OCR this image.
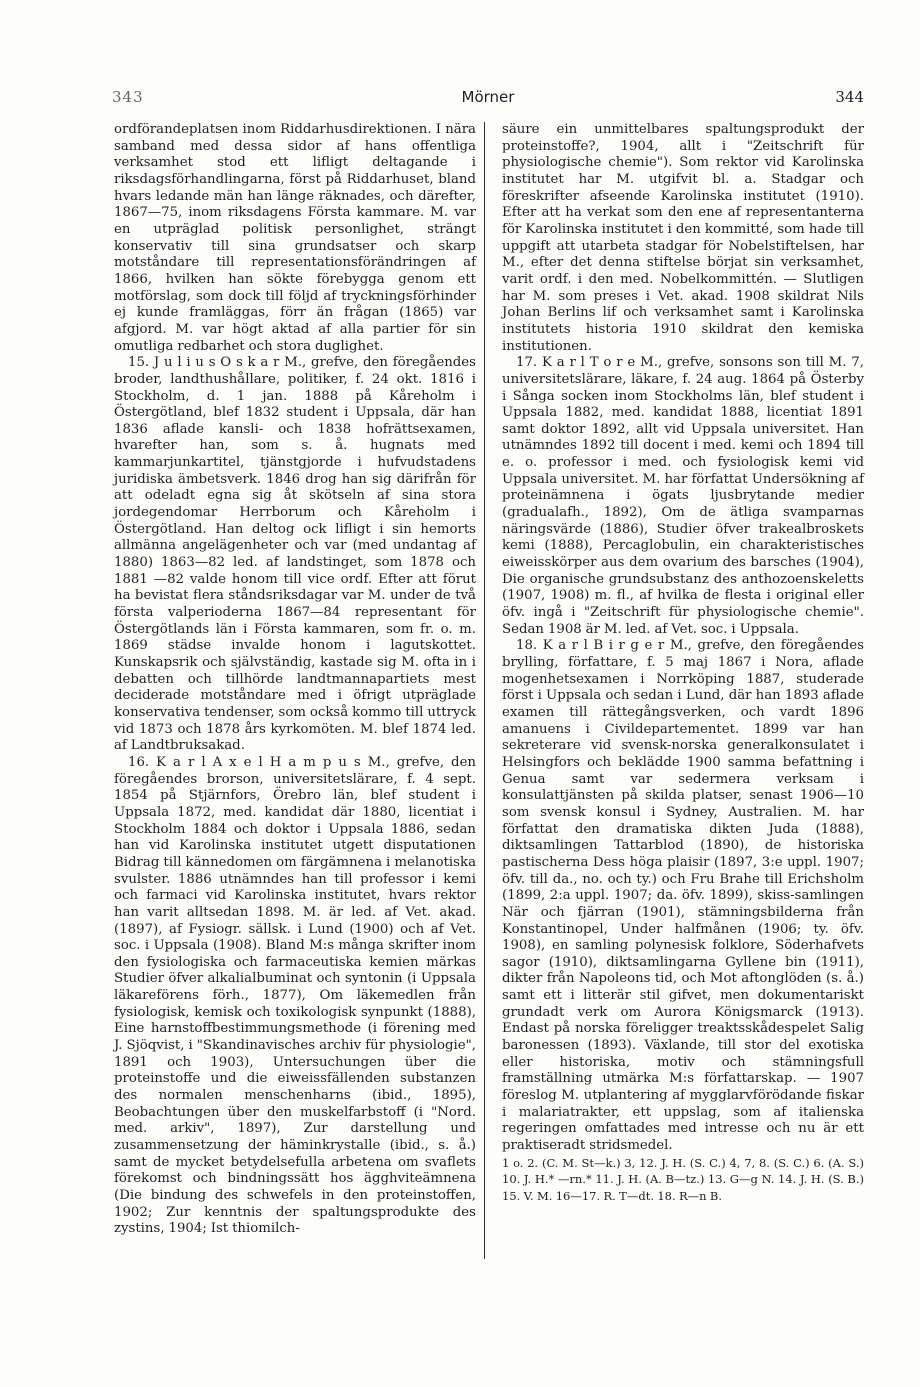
343	Mörner	344

ordförandeplatsen inom Riddarhusdirektionen. I nära samband med dessa sidor af hans offentliga verksamhet stod ett lifligt deltagande i riksdagsförhandlingarna, först på Riddarhuset, bland hvars ledande män han länge räknades, och därefter, 1867—75, inom riksdagens Första kammare. M. var en utpräglad politisk personlighet, strängt konservativ till sina grundsatser och skarp motståndare till representationsförändringen af 1866, hvilken han sökte förebygga genom ett motförslag, som dock till följd af tryckningsförhinder ej kunde framläggas, förr än frågan (1865) var afgjord. M. var högt aktad af alla partier för sin omutliga redbarhet och stora duglighet.

15. J u l i u s O s k a r M., grefve, den föregåendes broder, landthushållare, politiker, f. 24 okt. 1816 i Stockholm, d. 1 jan. 1888 på Kåreholm i Östergötland, blef 1832 student i Uppsala, där han 1836 aflade kansli- och 1838 hofrättsexamen, hvarefter han, som s. å. hugnats med kammarjunkartitel, tjänstgjorde i hufvudstadens juridiska ämbetsverk. 1846 drog han sig därifrån för att odeladt egna sig åt skötseln af sina stora jordegendomar Herrborum och Kåreholm i Östergötland. Han deltog ock lifligt i sin hemorts allmänna angelägenheter och var (med undantag af 1880) 1863—82 led. af landstinget, som 1878 och 1881 —82 valde honom till vice ordf. Efter att förut ha bevistat flera ståndsriksdagar var M. under de två första valperioderna 1867—84 representant för Östergötlands län i Första kammaren, som fr. o. m. 1869 städse invalde honom i lagutskottet. Kunskapsrik och självständig, kastade sig M. ofta in i debatten och tillhörde landtmannapartiets mest deciderade motståndare med i öfrigt utpräglade konservativa tendenser, som också kommo till uttryck vid 1873 och 1878 års kyrkomöten. M. blef 1874 led. af Landtbruksakad.

16. K a r l A x e l H a m p u s M., grefve, den föregåendes brorson, universitetslärare, f. 4 sept. 1854 på Stjärnfors, Örebro län, blef student i Uppsala 1872, med. kandidat där 1880, licentiat i Stockholm 1884 och doktor i Uppsala 1886, sedan han vid Karolinska institutet utgett disputationen Bidrag till kännedomen om färgämnena i melanotiska svulster. 1886 utnämndes han till professor i kemi och farmaci vid Karolinska institutet, hvars rektor han varit alltsedan 1898. M. är led. af Vet. akad. (1897), af Fysiogr. sällsk. i Lund (1900) och af Vet. soc. i Uppsala (1908). Bland M:s många skrifter inom den fysiologiska och farmaceutiska kemien märkas Studier öfver alkalialbuminat och syntonin (i Uppsala läkareförens förh., 1877), Om läkemedlen från fysiologisk, kemisk och toxikologisk synpunkt (1888), Eine harnstoffbestimmungsmethode (i förening med J. Sjöqvist, i "Skandinavisches archiv für physiologie", 1891 och 1903), Untersuchungen über die proteinstoffe und die eiweissfällenden substanzen des normalen menschenharns (ibid., 1895), Beobachtungen über den muskelfarbstoff (i "Nord. med. arkiv", 1897), Zur darstellung und zusammensetzung der häminkrystalle (ibid., s. å.) samt de mycket betydelsefulla arbetena om svaflets förekomst och bindningssätt hos ägghviteämnena (Die bindung des schwefels in den proteinstoffen, 1902; Zur kenntnis der spaltungsprodukte des zystins, 1904; Ist thiomilch-

säure ein unmittelbares spaltungsprodukt der proteinstoffe?, 1904, allt i "Zeitschrift für physiologische chemie"). Som rektor vid Karolinska institutet har M. utgifvit bl. a. Stadgar och föreskrifter afseende Karolinska institutet (1910). Efter att ha verkat som den ene af representanterna för Karolinska institutet i den kommitté, som hade till uppgift att utarbeta stadgar för Nobelstiftelsen, har M., efter det denna stiftelse börjat sin verksamhet, varit ordf. i den med. Nobelkommittén. — Slutligen har M. som preses i Vet. akad. 1908 skildrat Nils Johan Berlins lif och verksamhet samt i Karolinska institutets historia 1910 skildrat den kemiska institutionen.

17. K a r l T o r e M., grefve, sonsons son till M. 7, universitetslärare, läkare, f. 24 aug. 1864 på Österby i Sånga socken inom Stockholms län, blef student i Uppsala 1882, med. kandidat 1888, licentiat 1891 samt doktor 1892, allt vid Uppsala universitet. Han utnämndes 1892 till docent i med. kemi och 1894 till e. o. professor i med. och fysiologisk kemi vid Uppsala universitet. M. har författat Undersökning af proteinämnena i ögats ljusbrytande medier (gradualafh., 1892), Om de ätliga svamparnas näringsvärde (1886), Studier öfver trakealbroskets kemi (1888), Percaglobulin, ein charakteristisches eiweisskörper aus dem ovarium des barsches (1904), Die organische grundsubstanz des anthozoenskeletts (1907, 1908) m. fl., af hvilka de flesta i original eller öfv. ingå i "Zeitschrift für physiologische chemie". Sedan 1908 är M. led. af Vet. soc. i Uppsala.

18. K a r l B i r g e r M., grefve, den föregåendes brylling, författare, f. 5 maj 1867 i Nora, aflade mogenhetsexamen i Norrköping 1887, studerade först i Uppsala och sedan i Lund, där han 1893 aflade examen till rättegångsverken, och vardt 1896 amanuens i Civildepartementet. 1899 var han sekreterare vid svensk-norska generalkonsulatet i Helsingfors och beklädde 1900 samma befattning i Genua samt var sedermera verksam i konsulattjänsten på skilda platser, senast 1906—10 som svensk konsul i Sydney, Australien. M. har författat den dramatiska dikten Juda (1888), diktsamlingen Tattarblod (1890), de historiska pastischerna Dess höga plaisir (1897, 3:e uppl. 1907; öfv. till da., no. och ty.) och Fru Brahe till Erichsholm (1899, 2:a uppl. 1907; da. öfv. 1899), skiss-samlingen När och fjärran (1901), stämningsbilderna från Konstantinopel, Under halfmånen (1906; ty. öfv. 1908), en samling polynesisk folklore, Söderhafvets sagor (1910), diktsamlingarna Gyllene bin (1911), dikter från Napoleons tid, och Mot aftonglöden (s. å.) samt ett i litterär stil gifvet, men dokumentariskt grundadt verk om Aurora Königsmarck (1913). Endast på norska föreligger treaktsskådespelet Salig baronessen (1893). Växlande, till stor del exotiska eller historiska, motiv och stämningsfull framställning utmärka M:s författarskap. — 1907 föreslog M. utplantering af mygglarvförödande fiskar i malariatrakter, ett uppslag, som af italienska regeringen omfattades med intresse och nu är ett praktiseradt stridsmedel.

1 o. 2. (C. M. St—k.) 3, 12. J. H. (S. C.) 4, 7, 8. (S. C.) 6. (A. S.) 10. J. H.* —rn.* 11. J. H. (A. B—tz.) 13. G—g N. 14. J. H. (S. B.) 15. V. M. 16—17. R. T—dt. 18. R—n B.
